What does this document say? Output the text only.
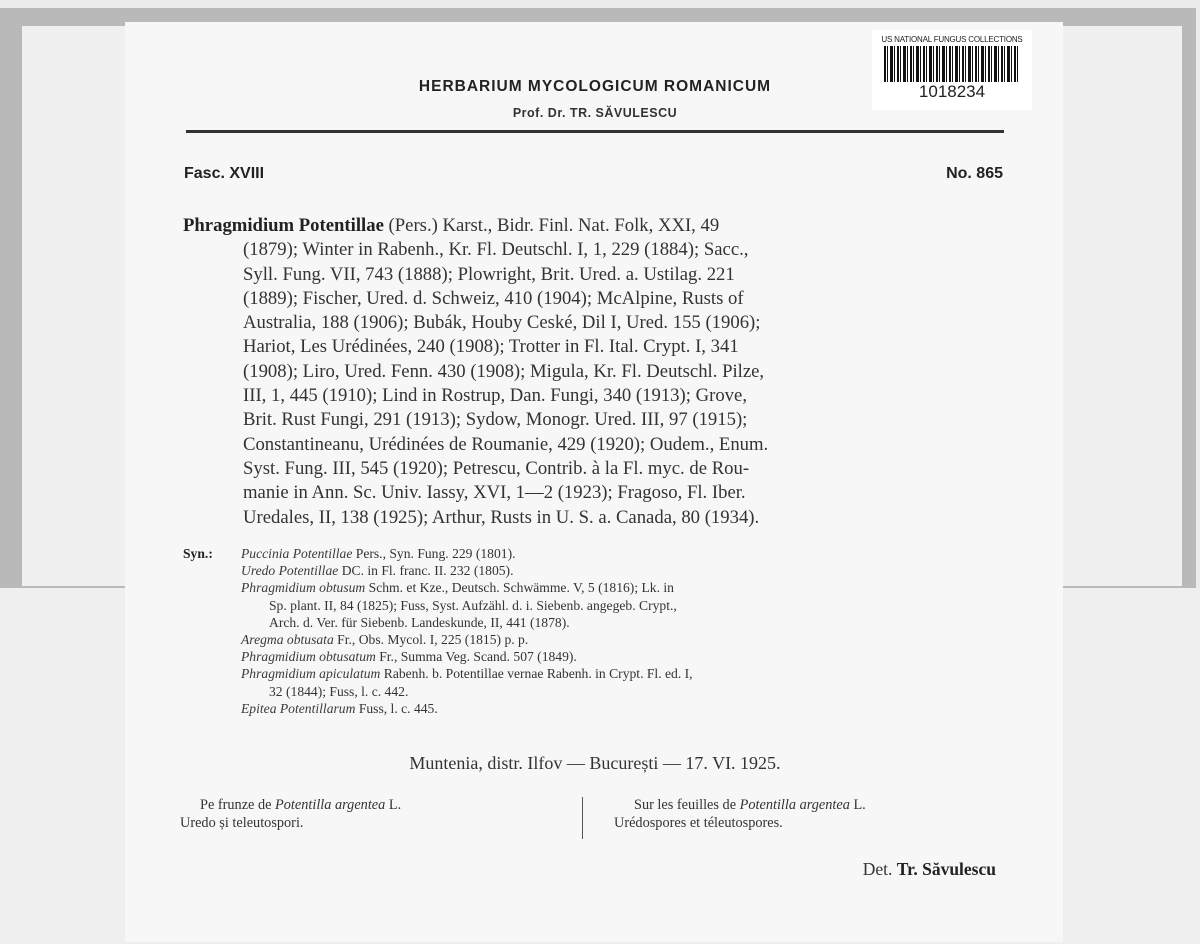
US NATIONAL FUNGUS COLLECTIONS
1018234
HERBARIUM MYCOLOGICUM ROMANICUM
Prof. Dr. TR. SĂVULESCU
Fasc. XVIII	No. 865
Phragmidium Potentillae (Pers.) Karst., Bidr. Finl. Nat. Folk, XXI, 49
(1879); Winter in Rabenh., Kr. Fl. Deutschl. I, 1, 229 (1884); Sacc.,
Syll. Fung. VII, 743 (1888); Plowright, Brit. Ured. a. Ustilag. 221
(1889); Fischer, Ured. d. Schweiz, 410 (1904); McAlpine, Rusts of
Australia, 188 (1906); Bubák, Houby Ceské, Dil I, Ured. 155 (1906);
Hariot, Les Urédinées, 240 (1908); Trotter in Fl. Ital. Crypt. I, 341
(1908); Liro, Ured. Fenn. 430 (1908); Migula, Kr. Fl. Deutschl. Pilze,
III, 1, 445 (1910); Lind in Rostrup, Dan. Fungi, 340 (1913); Grove,
Brit. Rust Fungi, 291 (1913); Sydow, Monogr. Ured. III, 97 (1915);
Constantineanu, Urédinées de Roumanie, 429 (1920); Oudem., Enum.
Syst. Fung. III, 545 (1920); Petrescu, Contrib. à la Fl. myc. de Rou-
manie in Ann. Sc. Univ. Iassy, XVI, 1—2 (1923); Fragoso, Fl. Iber.
Uredales, II, 138 (1925); Arthur, Rusts in U. S. a. Canada, 80 (1934).
Syn.: Puccinia Potentillae Pers., Syn. Fung. 229 (1801).
Uredo Potentillae DC. in Fl. franc. II. 232 (1805).
Phragmidium obtusum Schm. et Kze., Deutsch. Schwämme. V, 5 (1816); Lk. in
Sp. plant. II, 84 (1825); Fuss, Syst. Aufzähl. d. i. Siebenb. angegeb. Crypt.,
Arch. d. Ver. für Siebenb. Landeskunde, II, 441 (1878).
Aregma obtusata Fr., Obs. Mycol. I, 225 (1815) p. p.
Phragmidium obtusatum Fr., Summa Veg. Scand. 507 (1849).
Phragmidium apiculatum Rabenh. b. Potentillae vernae Rabenh. in Crypt. Fl. ed. I,
32 (1844); Fuss, l. c. 442.
Epitea Potentillarum Fuss, l. c. 445.
Muntenia, distr. Ilfov — București — 17. VI. 1925.
Pe frunze de Potentilla argentea L.
Uredo și teleutospori.
Sur les feuilles de Potentilla argentea L.
Urédospores et téleutospores.
Det. Tr. Săvulescu
